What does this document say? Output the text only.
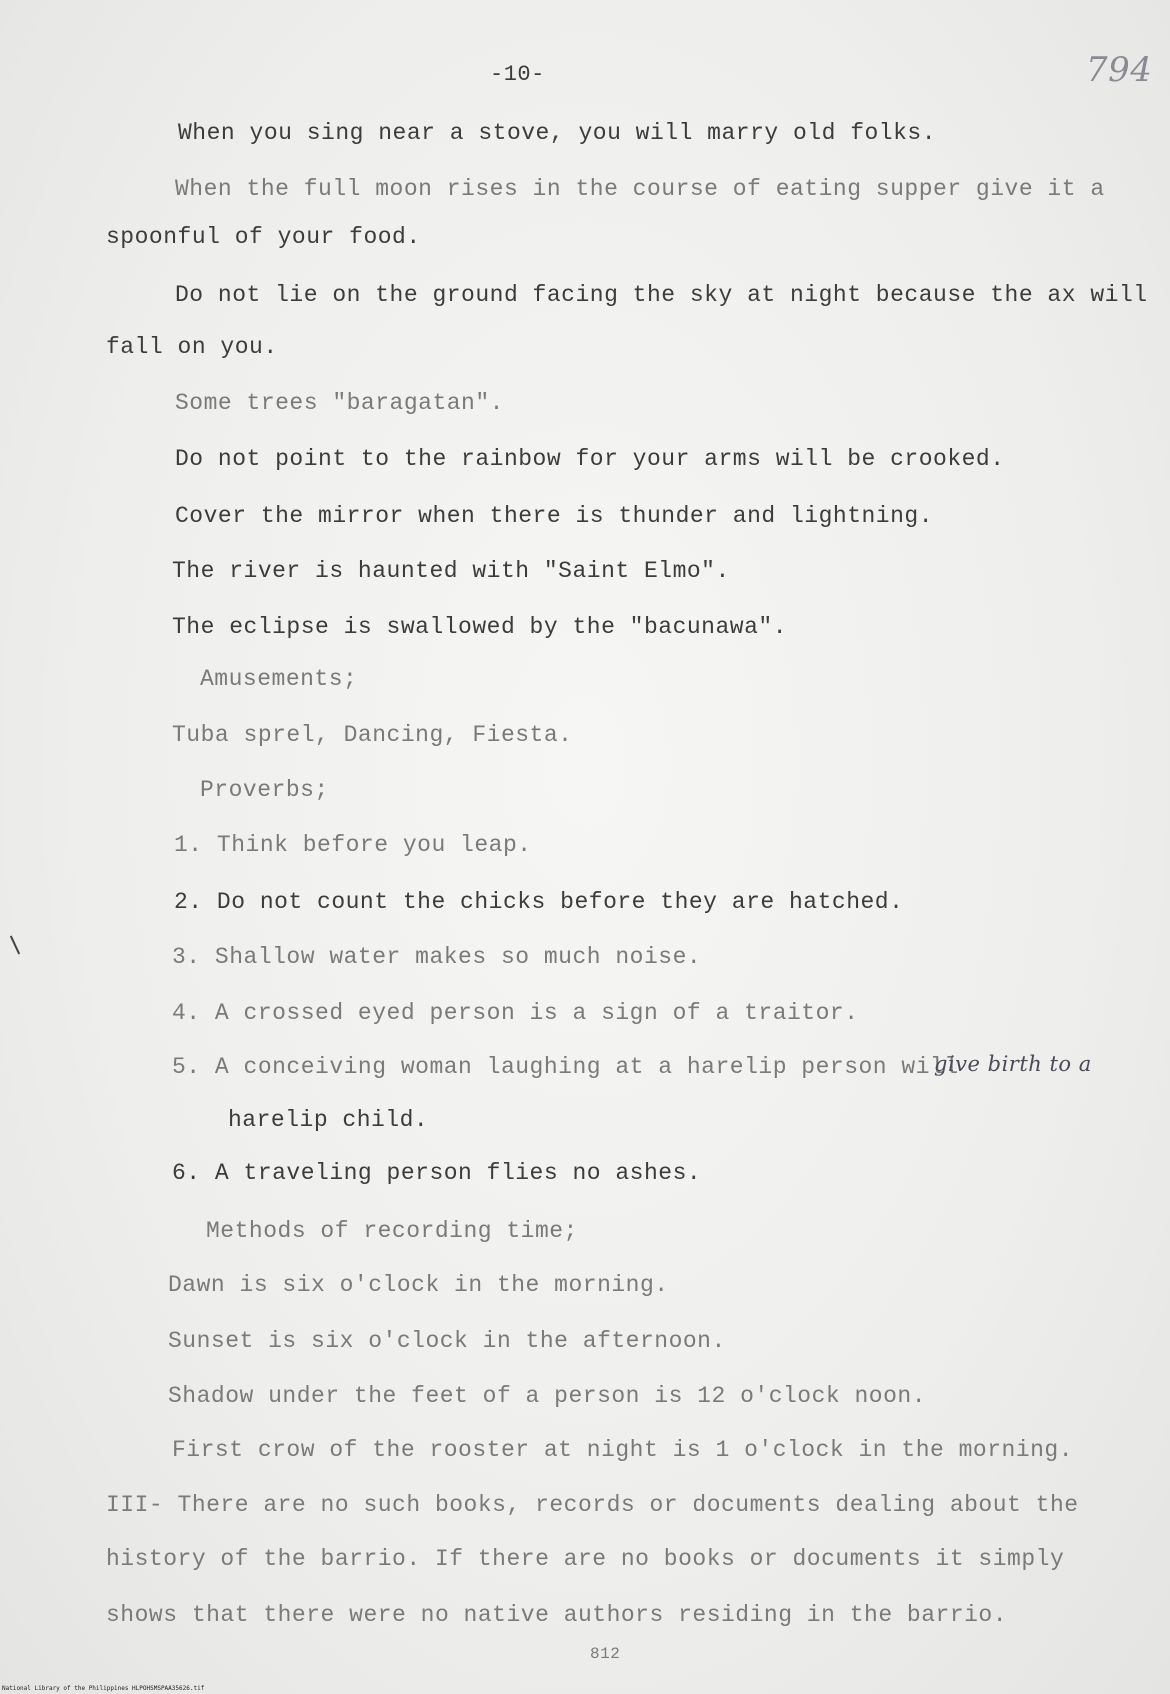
-10-	794
When you sing near a stove, you will marry old folks.
When the full moon rises in the course of eating supper give it a
spoonful of your food.
Do not lie on the ground facing the sky at night because the ax will
fall on you.
Some trees "baragatan".
Do not point to the rainbow for your arms will be crooked.
Cover the mirror when there is thunder and lightning.
The river is haunted with "Saint Elmo".
The eclipse is swallowed by the "bacunawa".
Amusements;
Tuba sprel, Dancing, Fiesta.
Proverbs;
1. Think before you leap.
2. Do not count the chicks before they are hatched.
3. Shallow water makes so much noise.
4. A crossed eyed person is a sign of a traitor.
5. A conceiving woman laughing at a harelip person will
give birth to a
harelip child.
6. A traveling person flies no ashes.
Methods of recording time;
Dawn is six o'clock in the morning.
Sunset is six o'clock in the afternoon.
Shadow under the feet of a person is 12 o'clock noon.
First crow of the rooster at night is 1 o'clock in the morning.
III- There are no such books, records or documents dealing about the
history of the barrio. If there are no books or documents it simply
shows that there were no native authors residing in the barrio.
812
National Library of the Philippines HLPOHSMSPAA35626.tif
